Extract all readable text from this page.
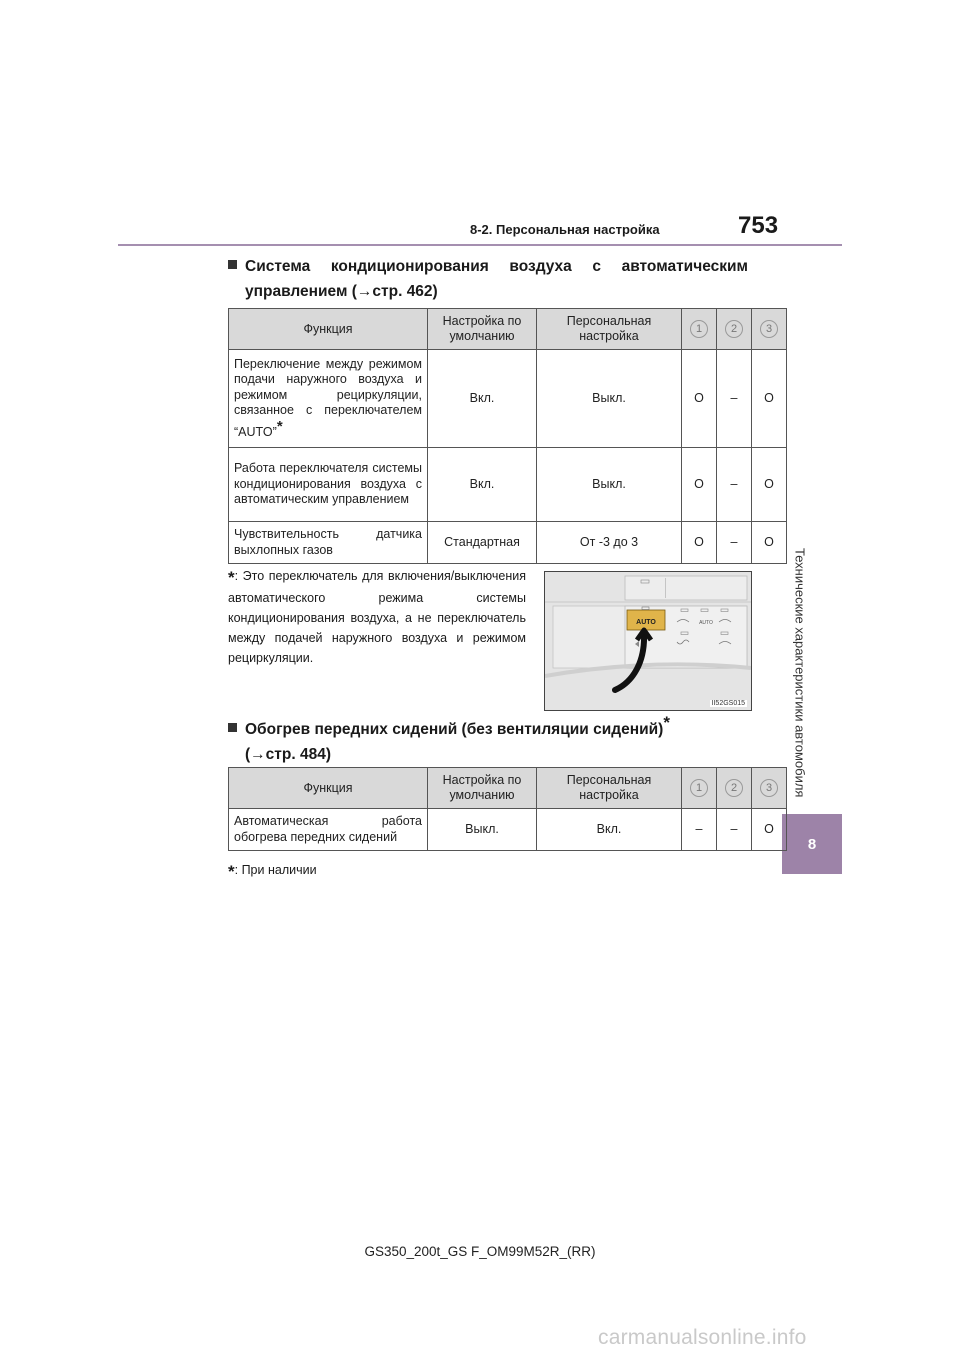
8-2. Персональная настройка	753
Технические характеристики автомобиля
8
Система кондиционирования воздуха с автоматическим
управлением (→стр. 462)
Функция	Настройка по умолчанию	Персональная настройка	1	2	3
Переключение между режимом подачи наружного воздуха и режимом рециркуляции, связанное с переключателем “AUTO”*	Вкл.	Выкл.	O	–	O
Работа переключателя системы кондиционирования воздуха с автоматическим управлением	Вкл.	Выкл.	O	–	O
Чувствительность датчика выхлопных газов	Стандартная	От -3 до 3	O	–	O
*: Это переключатель для включения/выключения автоматического режима системы кондиционирования воздуха, а не переключатель между подачей наружного воздуха и режимом рециркуляции.
AUTO	AUTO
II52GS015
Обогрев передних сидений (без вентиляции сидений)*
(→стр. 484)
Функция	Настройка по умолчанию	Персональная настройка	1	2	3
Автоматическая работа обогрева передних сидений	Выкл.	Вкл.	–	–	O
*: При наличии
GS350_200t_GS F_OM99M52R_(RR)
carmanualsonline.info
